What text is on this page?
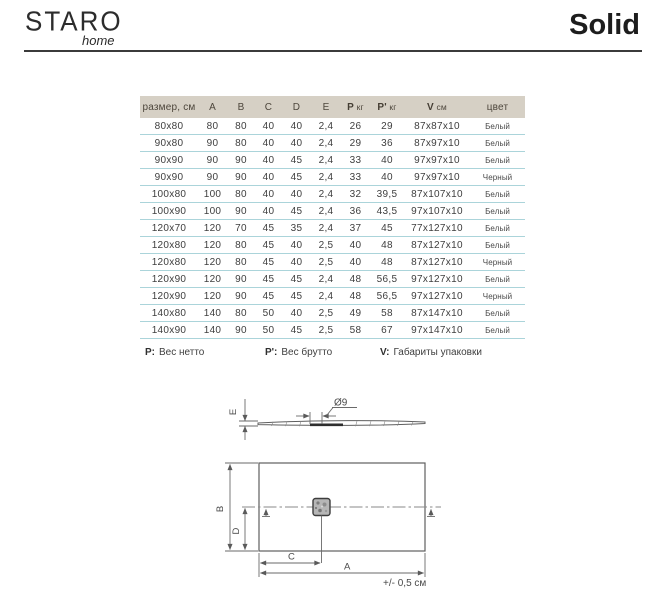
STARO
home	Solid
размер, см	A	B	C	D	E	P кг	P' кг	V см	цвет
80x80	80	80	40	40	2,4	26	29	87x87x10	Белый
90x80	90	80	40	40	2,4	29	36	87x97x10	Белый
90x90	90	90	40	45	2,4	33	40	97x97x10	Белый
90x90	90	90	40	45	2,4	33	40	97x97x10	Черный
100x80	100	80	40	40	2,4	32	39,5	87x107x10	Белый
100x90	100	90	40	45	2,4	36	43,5	97x107x10	Белый
120x70	120	70	45	35	2,4	37	45	77x127x10	Белый
120x80	120	80	45	40	2,5	40	48	87x127x10	Белый
120x80	120	80	45	40	2,5	40	48	87x127x10	Черный
120x90	120	90	45	45	2,4	48	56,5	97x127x10	Белый
120x90	120	90	45	45	2,4	48	56,5	97x127x10	Черный
140x80	140	80	50	40	2,5	49	58	87x147x10	Белый
140x90	140	90	50	45	2,5	58	67	97x147x10	Белый
P: Вес нетто	P': Вес брутто	V: Габариты упаковки
E
Ø9
B
D
C
A
+/- 0,5 см
